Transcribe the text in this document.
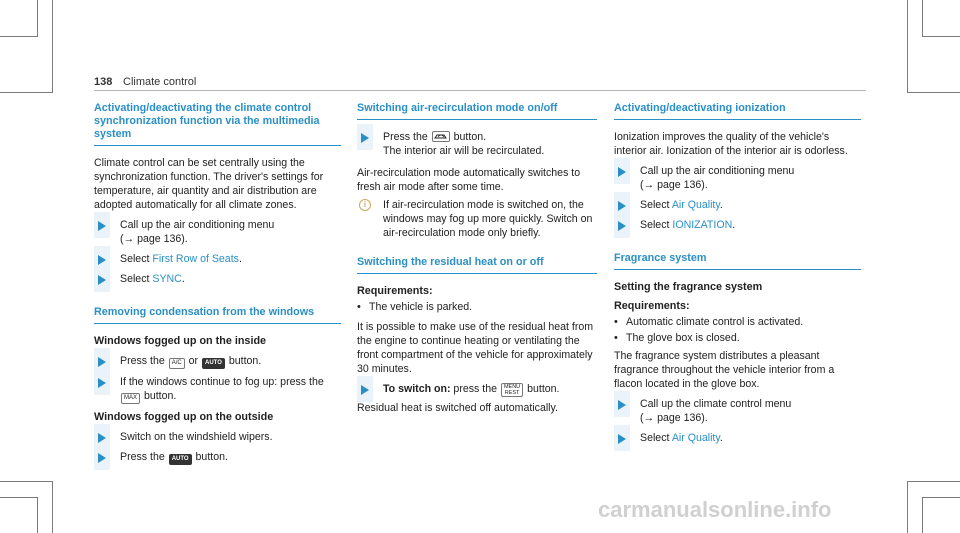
138 Climate control
Activating/deactivating the climate control synchronization function via the multimedia system

Climate control can be set centrally using the synchronization function. The driver's settings for temperature, air quantity and air distribution are adopted automatically for all climate zones.

Call up the air conditioning menu
(→ page 136).
Select First Row of Seats.
Select SYNC.
Removing condensation from the windows
Windows fogged up on the inside
Press the A/C or AUTO button.
If the windows continue to fog up: press the
MAX button.
Windows fogged up on the outside
Switch on the windshield wipers.
Press the AUTO button.
Switching air-recirculation mode on/off
Press the  button.
The interior air will be recirculated.

Air-recirculation mode automatically switches to fresh air mode after some time.

i	If air-recirculation mode is switched on, the windows may fog up more quickly. Switch on air-recirculation mode only briefly.
Switching the residual heat on or off
Requirements:
• The vehicle is parked.

It is possible to make use of the residual heat from the engine to continue heating or ventilating the front compartment of the vehicle for approximately 30 minutes.

To switch on: press the MENU
REST button.

Residual heat is switched off automatically.

Activating/deactivating ionization

Ionization improves the quality of the vehicle's interior air. Ionization of the interior air is odorless.

Call up the air conditioning menu
(→ page 136).
Select Air Quality.
Select IONIZATION.
Fragrance system
Setting the fragrance system
Requirements:
• Automatic climate control is activated.
• The glove box is closed.

The fragrance system distributes a pleasant fragrance throughout the vehicle interior from a flacon located in the glove box.

Call up the climate control menu
(→ page 136).
Select Air Quality.
carmanualsonline.info
